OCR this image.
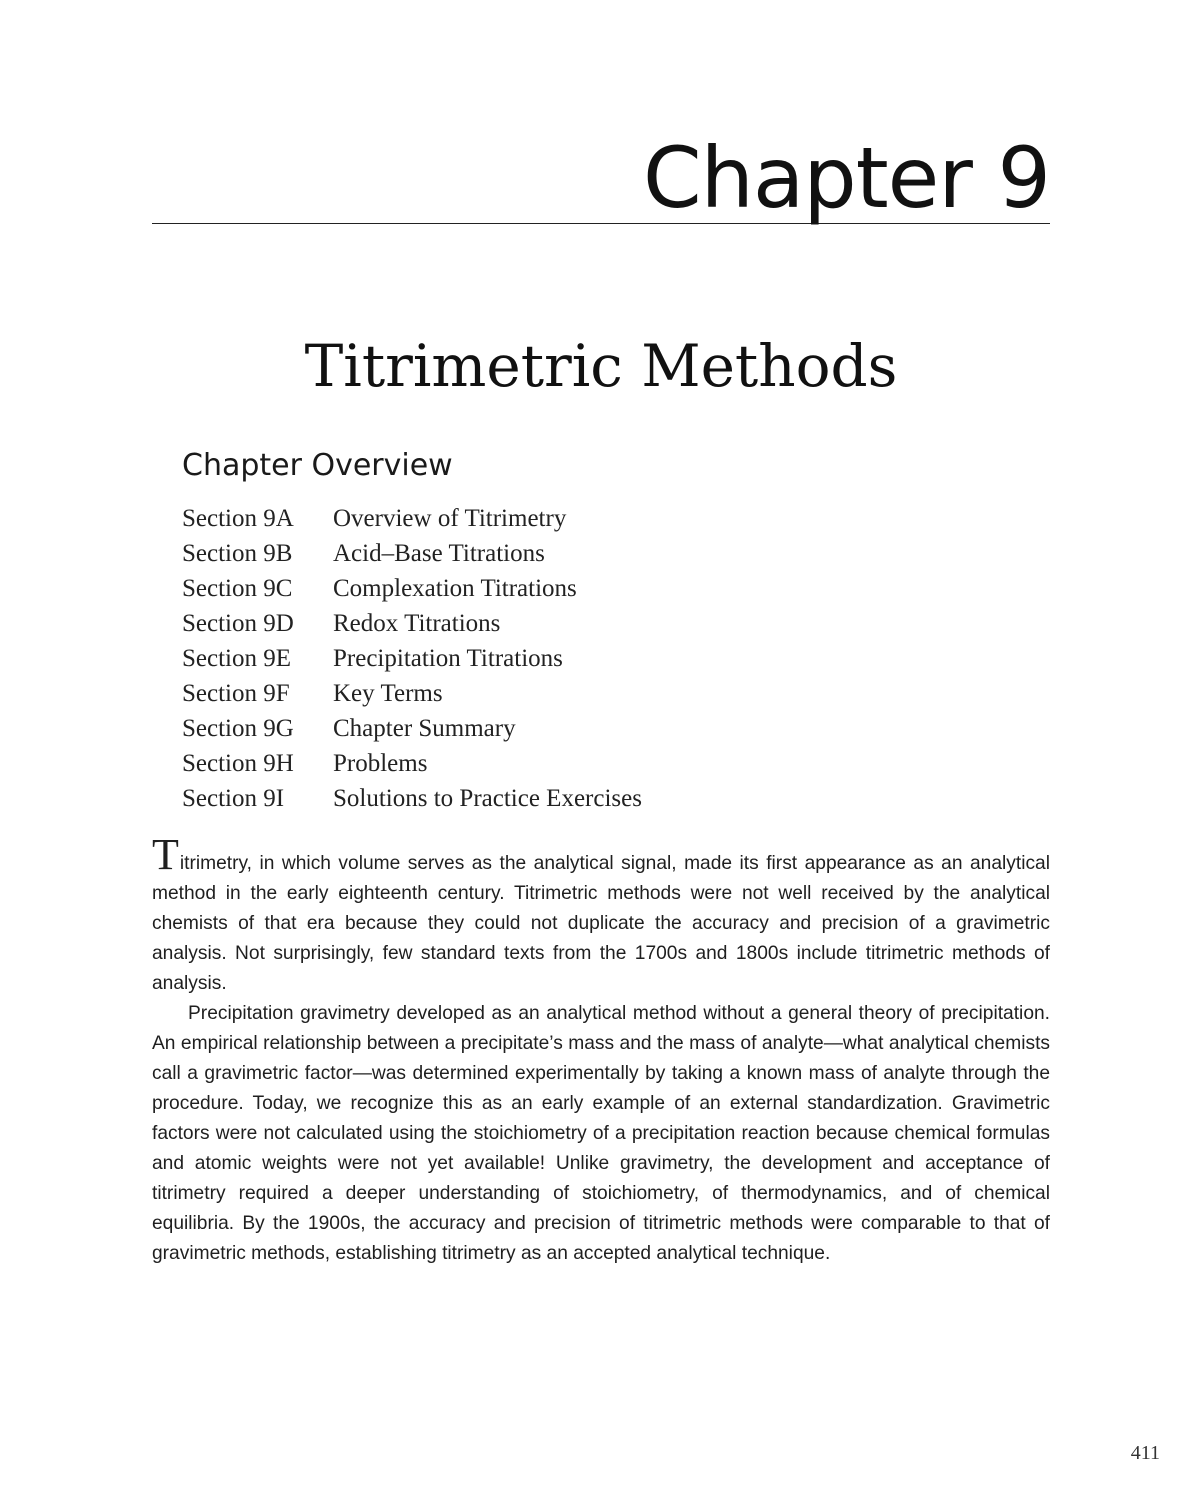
Chapter 9
Titrimetric Methods
Chapter Overview
Section 9A	Overview of Titrimetry
Section 9B	Acid–Base Titrations
Section 9C	Complexation Titrations
Section 9D	Redox Titrations
Section 9E	Precipitation Titrations
Section 9F	Key Terms
Section 9G	Chapter Summary
Section 9H	Problems
Section 9I	Solutions to Practice Exercises

Titrimetry, in which volume serves as the analytical signal, made its first appearance as an analytical method in the early eighteenth century. Titrimetric methods were not well received by the analytical chemists of that era because they could not duplicate the accuracy and precision of a gravimetric analysis. Not surprisingly, few standard texts from the 1700s and 1800s include titrimetric methods of analysis.

Precipitation gravimetry developed as an analytical method without a general theory of precipitation. An empirical relationship between a precipitate’s mass and the mass of analyte—what analytical chemists call a gravimetric factor—was determined experimentally by taking a known mass of analyte through the procedure. Today, we recognize this as an early example of an external standardization. Gravimetric factors were not calculated using the stoichiometry of a precipitation reaction because chemical formulas and atomic weights were not yet available! Unlike gravimetry, the development and acceptance of titrimetry required a deeper understanding of stoichiometry, of thermodynamics, and of chemical equilibria. By the 1900s, the accuracy and precision of titrimetric methods were comparable to that of gravimetric methods, establishing titrimetry as an accepted analytical technique.

411
